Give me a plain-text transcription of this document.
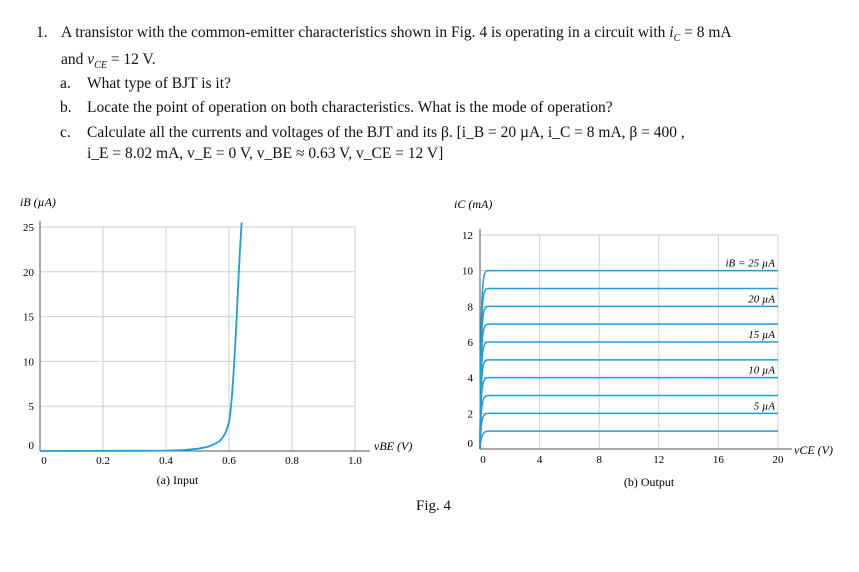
1. A transistor with the common-emitter characteristics shown in Fig. 4 is operating in a circuit with $i_C = 8$ mA
and $v_{CE} = 12$ V.
a. What type of BJT is it?
b. Locate the point of operation on both characteristics. What is the mode of operation?
c. Calculate all the currents and voltages of the BJT and its β. [i_B = 20 µA, i_C = 8 mA, β = 400 ,
i_E = 8.02 mA, v_E = 0 V, v_BE ≈ 0.63 V, v_CE = 12 V]
0	0.2	0.4	0.6	0.8	1.0
0
5
10
15
20
25
iB (µA)
vBE (V)
(a) Input
0	4	8	12	16	20
0
2
4
6
8
10
12
iC (mA)
vCE (V)
(b) Output
5 µA
10 µA
15 µA
20 µA
iB = 25 µA
Fig. 4
